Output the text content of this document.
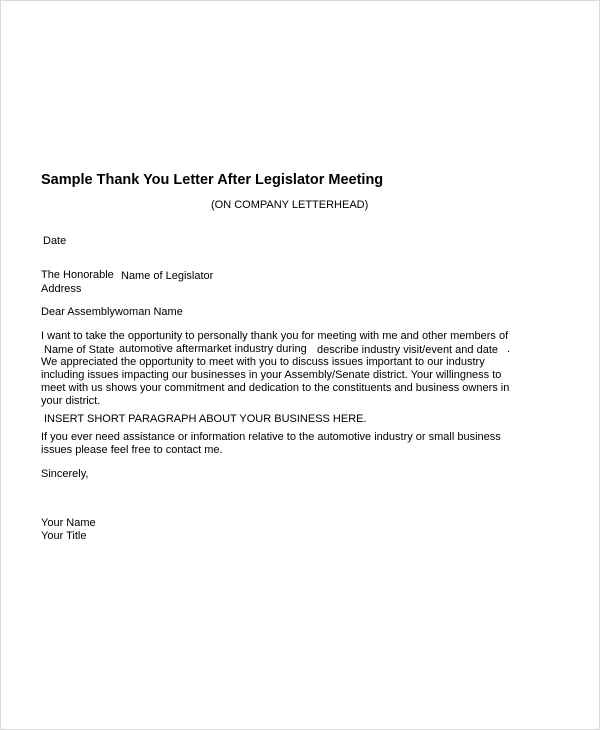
Sample Thank You Letter After Legislator Meeting
(ON COMPANY LETTERHEAD)
Date
The Honorable Name of Legislator
Address
Dear Assemblywoman Name
I want to take the opportunity to personally thank you for meeting with me and other members of
Name of State automotive aftermarket industry during describe industry visit/event and date .
We appreciated the opportunity to meet with you to discuss issues important to our industry
including issues impacting our businesses in your Assembly/Senate district. Your willingness to
meet with us shows your commitment and dedication to the constituents and business owners in
your district.
INSERT SHORT PARAGRAPH ABOUT YOUR BUSINESS HERE.
If you ever need assistance or information relative to the automotive industry or small business
issues please feel free to contact me.
Sincerely,
Your Name
Your Title
